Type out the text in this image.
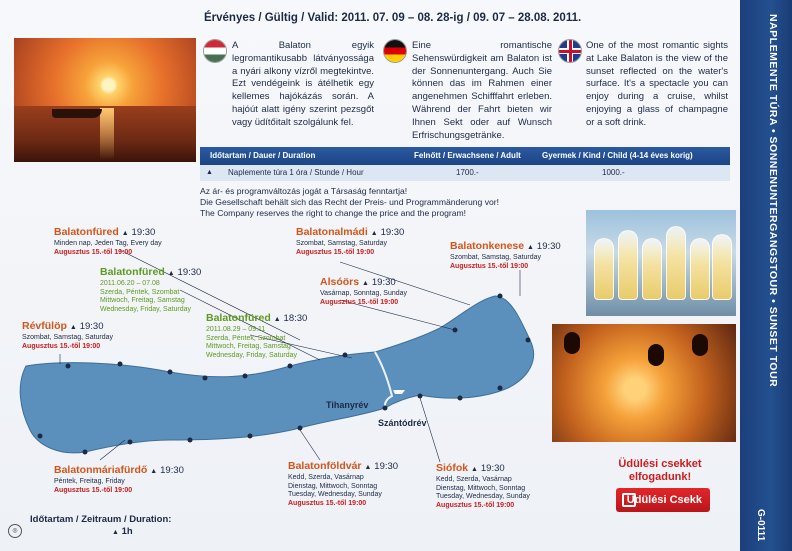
NAPLEMENTE TÚRA • SONNENUNTERGANGSTOUR • SUNSET TOUR
G-0111
Érvényes / Gültig / Valid: 2011. 07. 09 – 08. 28-ig / 09. 07 – 28.08. 2011.
A Balaton egyik legromantikusabb látványossága a nyári alkony vízről megtekintve. Ezt vendégeink is átélhetik egy kellemes hajókázás során. A hajóút alatt igény szerint pezsgőt vagy üdítőitalt szolgálunk fel.
Eine romantische Sehenswürdigkeit am Balaton ist der Sonnenuntergang. Auch Sie können das im Rahmen einer angenehmen Schifffahrt erleben. Während der Fahrt bieten wir Ihnen Sekt oder auf Wunsch Erfrischungsgetränke.
One of the most romantic sights at Lake Balaton is the view of the sunset reflected on the water's surface. It's a spectacle you can enjoy during a cruise, whilst enjoying a glass of champagne or a soft drink.
Időtartam / Dauer / Duration	Felnőtt / Erwachsene / Adult	Gyermek / Kind / Child (4-14 éves korig)
▲ Naplemente túra 1 óra / Stunde / Hour	1700.-	1000.-
Az ár- és programváltozás jogát a Társaság fenntartja!
Die Gesellschaft behält sich das Recht der Preis- und Programmänderung vor!
The Company reserves the right to change the price and the program!
Tihanyrév
Szántódrév
Balatonfüred ▲ 19:30
Minden nap, Jeden Tag, Every day
Augusztus 15.-től 19:00
Balatonfüred ▲ 19:30
2011.06.20 – 07.08
Szerda, Péntek, Szombat
Mittwoch, Freitag, Samstag
Wednesday, Friday, Saturday
Balatonfüred ▲ 18:30
2011.08.29 – 09.11
Szerda, Péntek, Szombat
Mittwoch, Freitag, Samstag
Wednesday, Friday, Saturday
Révfülöp ▲ 19:30
Szombat, Samstag, Saturday
Augusztus 15.-től 19:00
Balatonalmádi ▲ 19:30
Szombat, Samstag, Saturday
Augusztus 15.-től 19:00
Balatonkenese ▲ 19:30
Szombat, Samstag, Saturday
Augusztus 15.-től 19:00
Alsóörs ▲ 19:30
Vasárnap, Sonntag, Sunday
Augusztus 15.-től 19:00
Balatonmáriafürdő ▲ 19:30
Péntek, Freitag, Friday
Augusztus 15.-től 19:00
Balatonföldvár ▲ 19:30
Kedd, Szerda, Vasárnap
Dienstag, Mittwoch, Sonntag
Tuesday, Wednesday, Sunday
Augusztus 15.-től 19:00
Siófok ▲ 19:30
Kedd, Szerda, Vasárnap
Dienstag, Mittwoch, Sonntag
Tuesday, Wednesday, Sunday
Augusztus 15.-től 19:00
Üdülési csekket elfogadunk!
Üdülési Csekk
Időtartam / Zeitraum / Duration:
▲ 1h
◎
